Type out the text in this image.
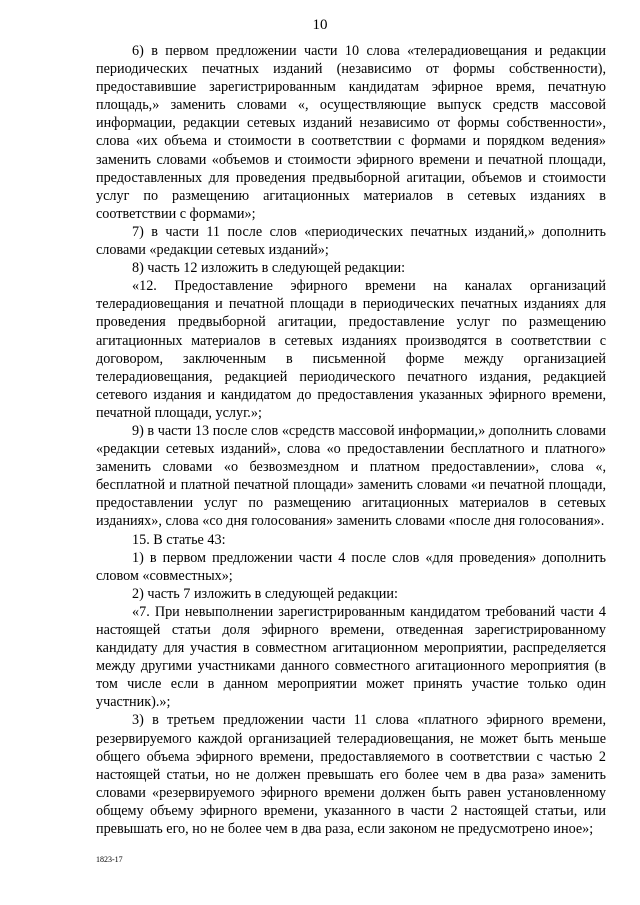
10

6) в первом предложении части 10 слова «телерадиовещания и редакции периодических печатных изданий (независимо от формы собственности), предоставившие зарегистрированным кандидатам эфирное время, печатную площадь,» заменить словами «, осуществляющие выпуск средств массовой информации, редакции сетевых изданий независимо от формы собственности», слова «их объема и стоимости в соответствии с формами и порядком ведения» заменить словами «объемов и стоимости эфирного времени и печатной площади, предоставленных для проведения предвыборной агитации, объемов и стоимости услуг по размещению агитационных материалов в сетевых изданиях в соответствии с формами»;

7) в части 11 после слов «периодических печатных изданий,» дополнить словами «редакции сетевых изданий»;

8) часть 12 изложить в следующей редакции:

«12. Предоставление эфирного времени на каналах организаций телерадиовещания и печатной площади в периодических печатных изданиях для проведения предвыборной агитации, предоставление услуг по размещению агитационных материалов в сетевых изданиях производятся в соответствии с договором, заключенным в письменной форме между организацией телерадиовещания, редакцией периодического печатного издания, редакцией сетевого издания и кандидатом до предоставления указанных эфирного времени, печатной площади, услуг.»;

9) в части 13 после слов «средств массовой информации,» дополнить словами «редакции сетевых изданий», слова «о предоставлении бесплатного и платного» заменить словами «о безвозмездном и платном предоставлении», слова «, бесплатной и платной печатной площади» заменить словами «и печатной площади, предоставлении услуг по размещению агитационных материалов в сетевых изданиях», слова «со дня голосования» заменить словами «после дня голосования».

15. В статье 43:

1) в первом предложении части 4 после слов «для проведения» дополнить словом «совместных»;

2) часть 7 изложить в следующей редакции:

«7. При невыполнении зарегистрированным кандидатом требований части 4 настоящей статьи доля эфирного времени, отведенная зарегистрированному кандидату для участия в совместном агитационном мероприятии, распределяется между другими участниками данного совместного агитационного мероприятия (в том числе если в данном мероприятии может принять участие только один участник).»;

3) в третьем предложении части 11 слова «платного эфирного времени, резервируемого каждой организацией телерадиовещания, не может быть меньше общего объема эфирного времени, предоставляемого в соответствии с частью 2 настоящей статьи, но не должен превышать его более чем в два раза» заменить словами «резервируемого эфирного времени должен быть равен установленному общему объему эфирного времени, указанного в части 2 настоящей статьи, или превышать его, но не более чем в два раза, если законом не предусмотрено иное»;

1823-17
